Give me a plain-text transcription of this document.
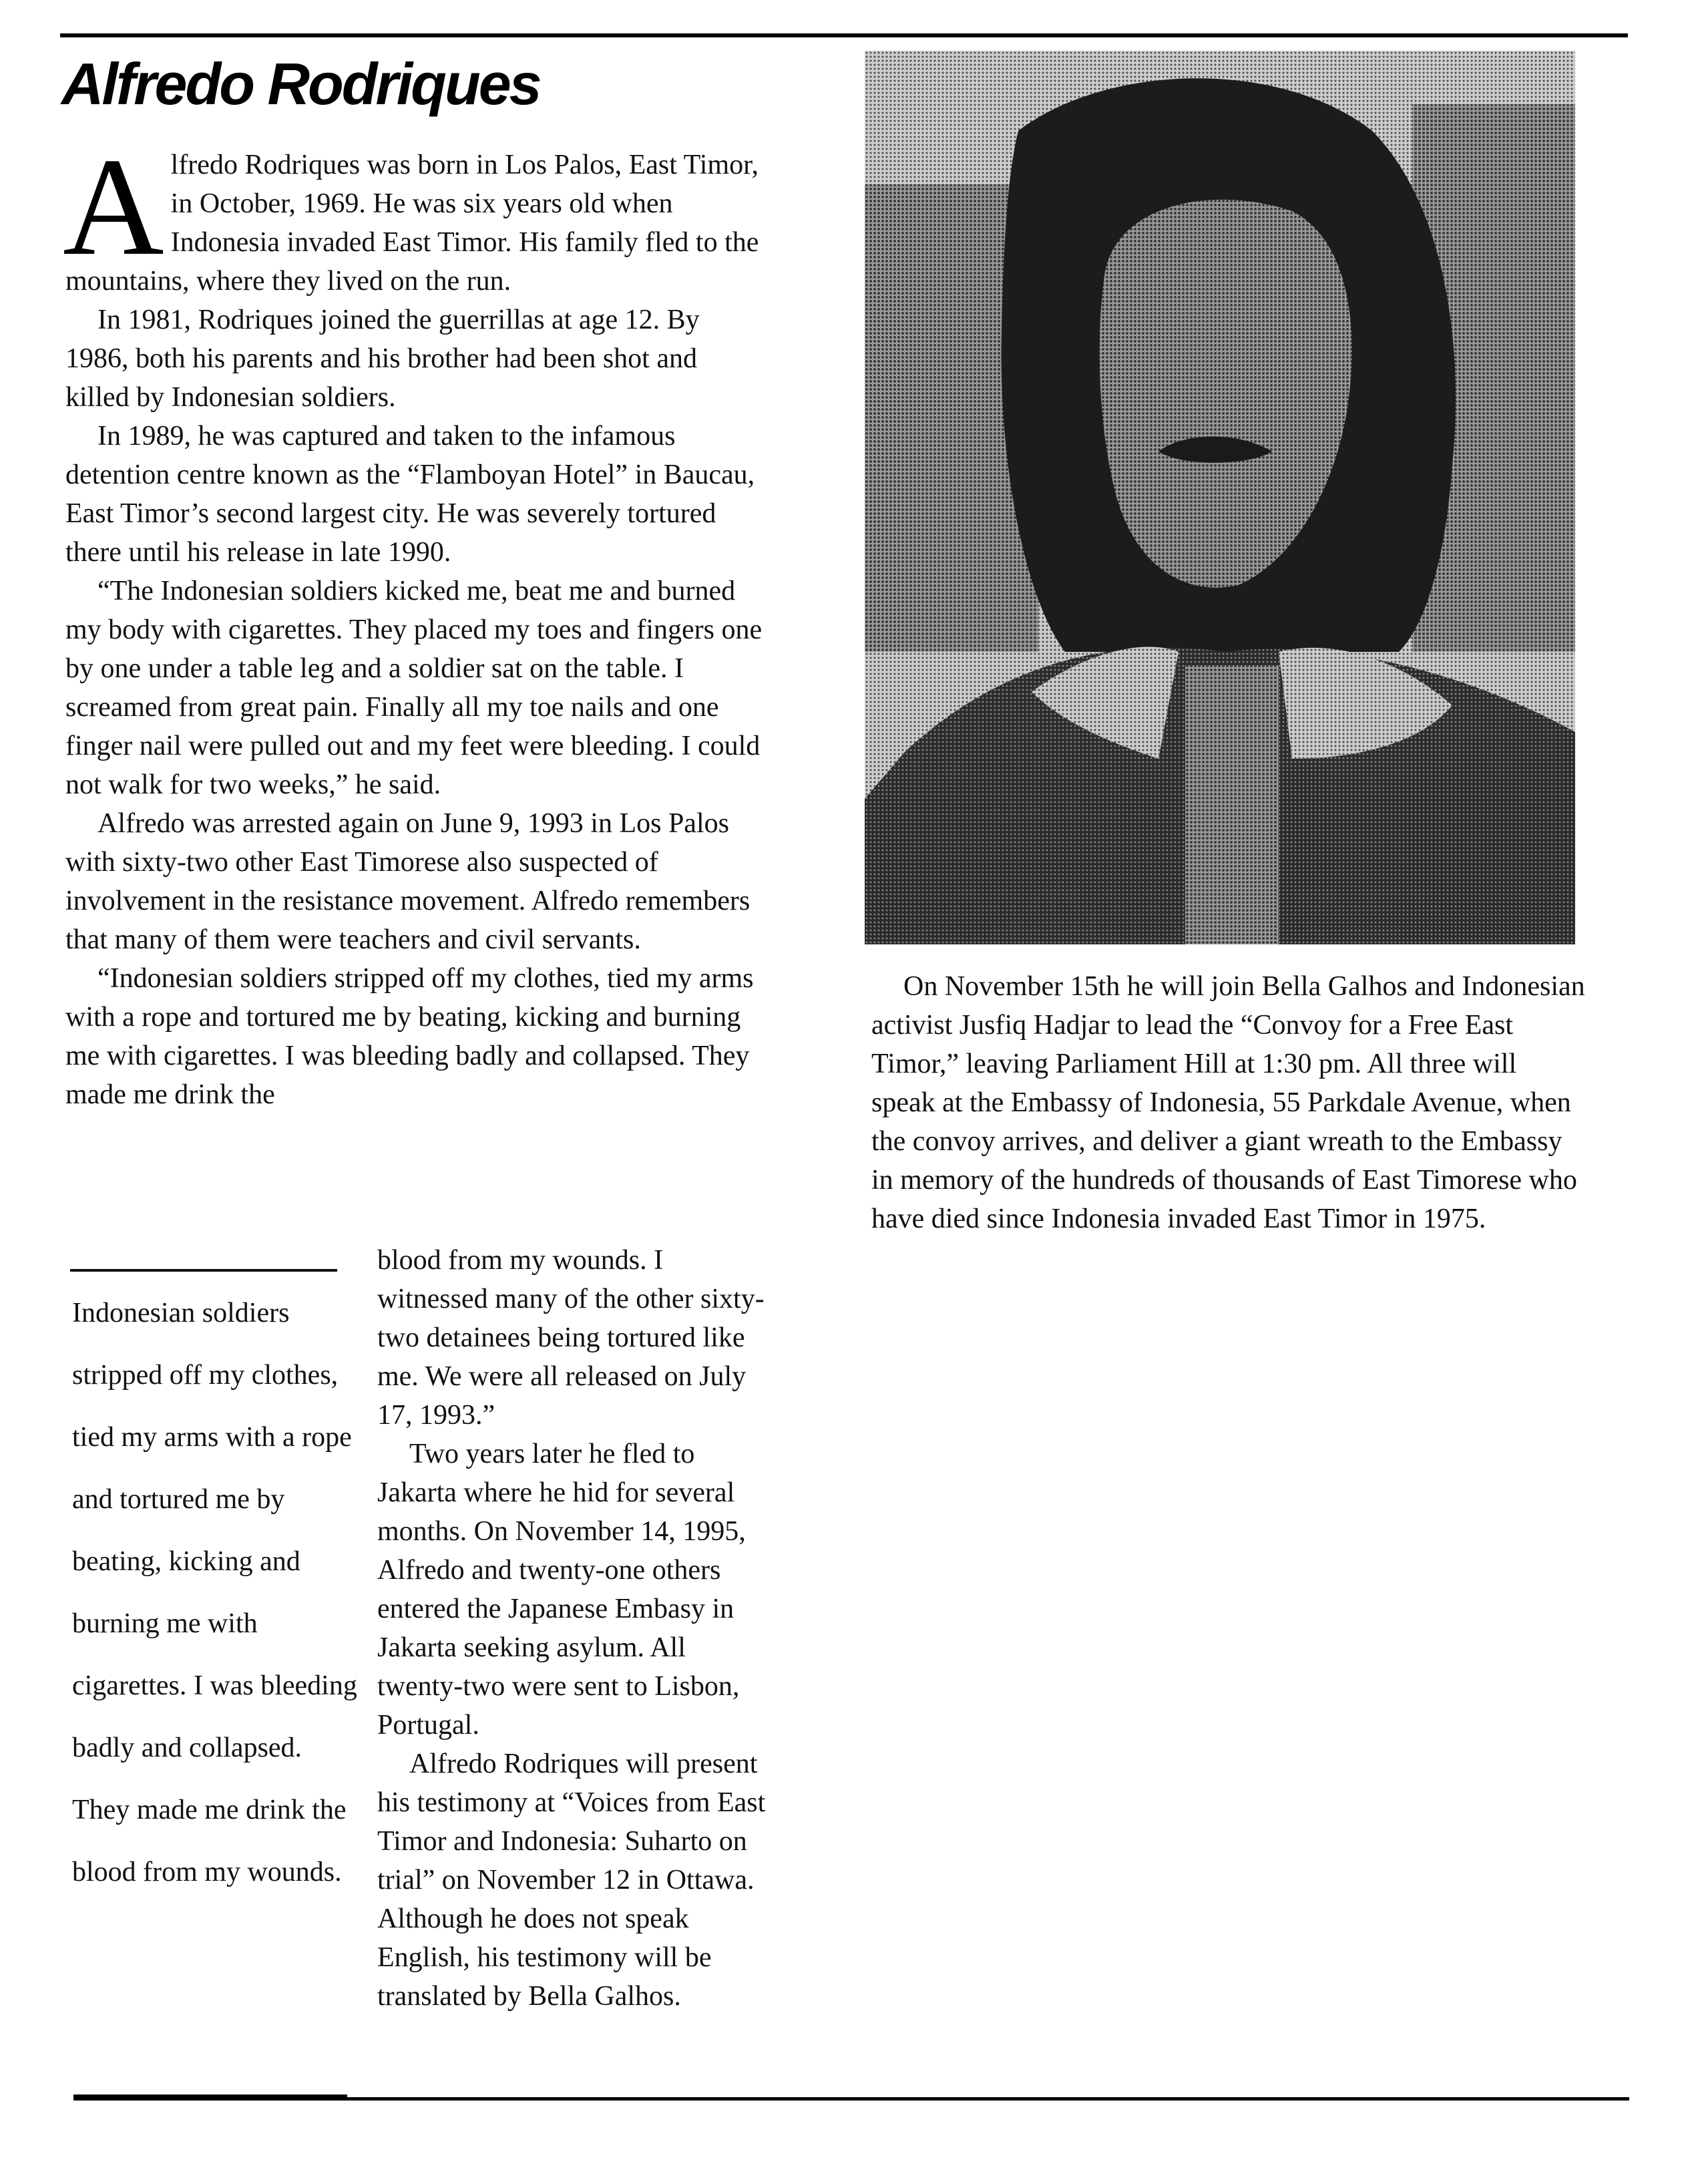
Alfredo Rodriques

Alfredo Rodriques was born in Los Palos, East Timor, in October, 1969. He was six years old when Indonesia invaded East Timor. His family fled to the mountains, where they lived on the run.

In 1981, Rodriques joined the guerrillas at age 12. By 1986, both his parents and his brother had been shot and killed by Indonesian soldiers.

In 1989, he was captured and taken to the infamous detention centre known as the “Flamboyan Hotel” in Baucau, East Timor’s second largest city. He was severely tortured there until his release in late 1990.

“The Indonesian soldiers kicked me, beat me and burned my body with cigarettes. They placed my toes and fingers one by one under a table leg and a soldier sat on the table. I screamed from great pain. Finally all my toe nails and one finger nail were pulled out and my feet were bleeding. I could not walk for two weeks,” he said.

Alfredo was arrested again on June 9, 1993 in Los Palos with sixty-two other East Timorese also suspected of involvement in the resistance movement. Alfredo remembers that many of them were teachers and civil servants.

“Indonesian soldiers stripped off my clothes, tied my arms with a rope and tortured me by beating, kicking and burning me with cigarettes. I was bleeding badly and collapsed. They made me drink the

Indonesian soldiers stripped off my clothes, tied my arms with a rope and tortured me by beating, kicking and burning me with cigarettes. I was bleeding badly and collapsed. They made me drink the blood from my wounds.

blood from my wounds. I witnessed many of the other sixty-two detainees being tortured like me. We were all released on July 17, 1993.”

Two years later he fled to Jakarta where he hid for several months. On November 14, 1995, Alfredo and twenty-one others entered the Japanese Embasy in Jakarta seeking asylum. All twenty-two were sent to Lisbon, Portugal.

Alfredo Rodriques will present his testimony at “Voices from East Timor and Indonesia: Suharto on trial” on November 12 in Ottawa. Although he does not speak English, his testimony will be translated by Bella Galhos.

On November 15th he will join Bella Galhos and Indonesian activist Jusfiq Hadjar to lead the “Convoy for a Free East Timor,” leaving Parliament Hill at 1:30 pm. All three will speak at the Embassy of Indonesia, 55 Parkdale Avenue, when the convoy arrives, and deliver a giant wreath to the Embassy in memory of the hundreds of thousands of East Timorese who have died since Indonesia invaded East Timor in 1975.
